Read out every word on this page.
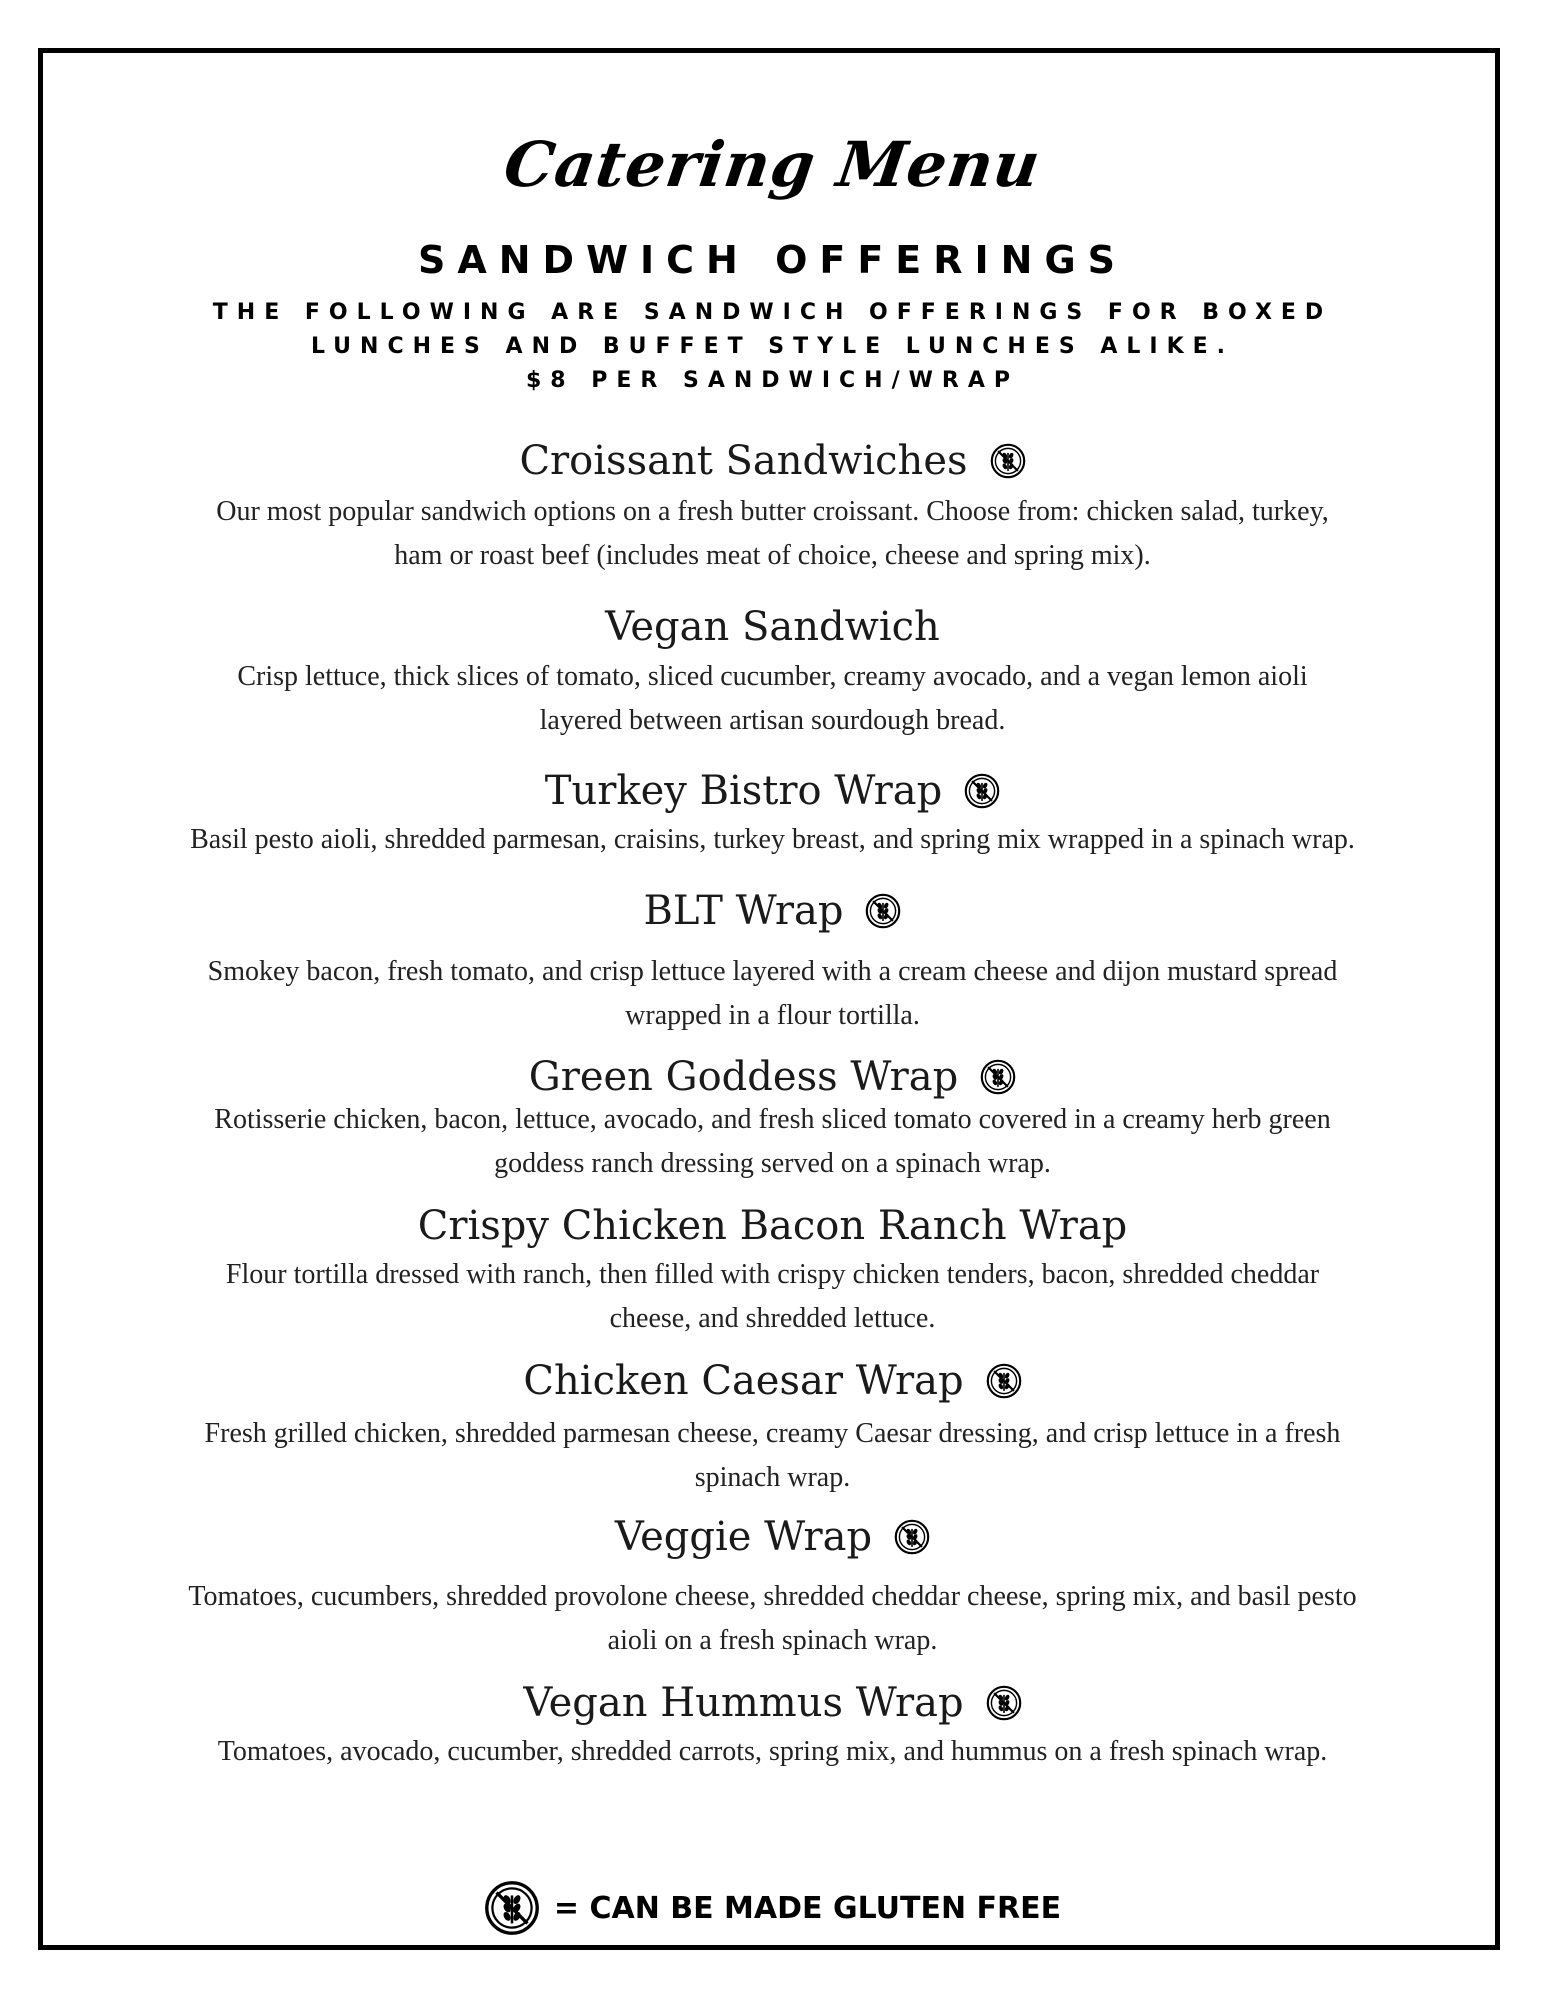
Catering Menu
SANDWICH OFFERINGS
THE FOLLOWING ARE SANDWICH OFFERINGS FOR BOXED
LUNCHES AND BUFFET STYLE LUNCHES ALIKE.
$8 PER SANDWICH/WRAP
Croissant Sandwiches
Our most popular sandwich options on a fresh butter croissant. Choose from: chicken salad, turkey,
ham or roast beef (includes meat of choice, cheese and spring mix).
Vegan Sandwich
Crisp lettuce, thick slices of tomato, sliced cucumber, creamy avocado, and a vegan lemon aioli
layered between artisan sourdough bread.
Turkey Bistro Wrap
Basil pesto aioli, shredded parmesan, craisins, turkey breast, and spring mix wrapped in a spinach wrap.
BLT Wrap
Smokey bacon, fresh tomato, and crisp lettuce layered with a cream cheese and dijon mustard spread
wrapped in a flour tortilla.
Green Goddess Wrap
Rotisserie chicken, bacon, lettuce, avocado, and fresh sliced tomato covered in a creamy herb green
goddess ranch dressing served on a spinach wrap.
Crispy Chicken Bacon Ranch Wrap
Flour tortilla dressed with ranch, then filled with crispy chicken tenders, bacon, shredded cheddar
cheese, and shredded lettuce.
Chicken Caesar Wrap
Fresh grilled chicken, shredded parmesan cheese, creamy Caesar dressing, and crisp lettuce in a fresh
spinach wrap.
Veggie Wrap
Tomatoes, cucumbers, shredded provolone cheese, shredded cheddar cheese, spring mix, and basil pesto
aioli on a fresh spinach wrap.
Vegan Hummus Wrap
Tomatoes, avocado, cucumber, shredded carrots, spring mix, and hummus on a fresh spinach wrap.
= CAN BE MADE GLUTEN FREE
